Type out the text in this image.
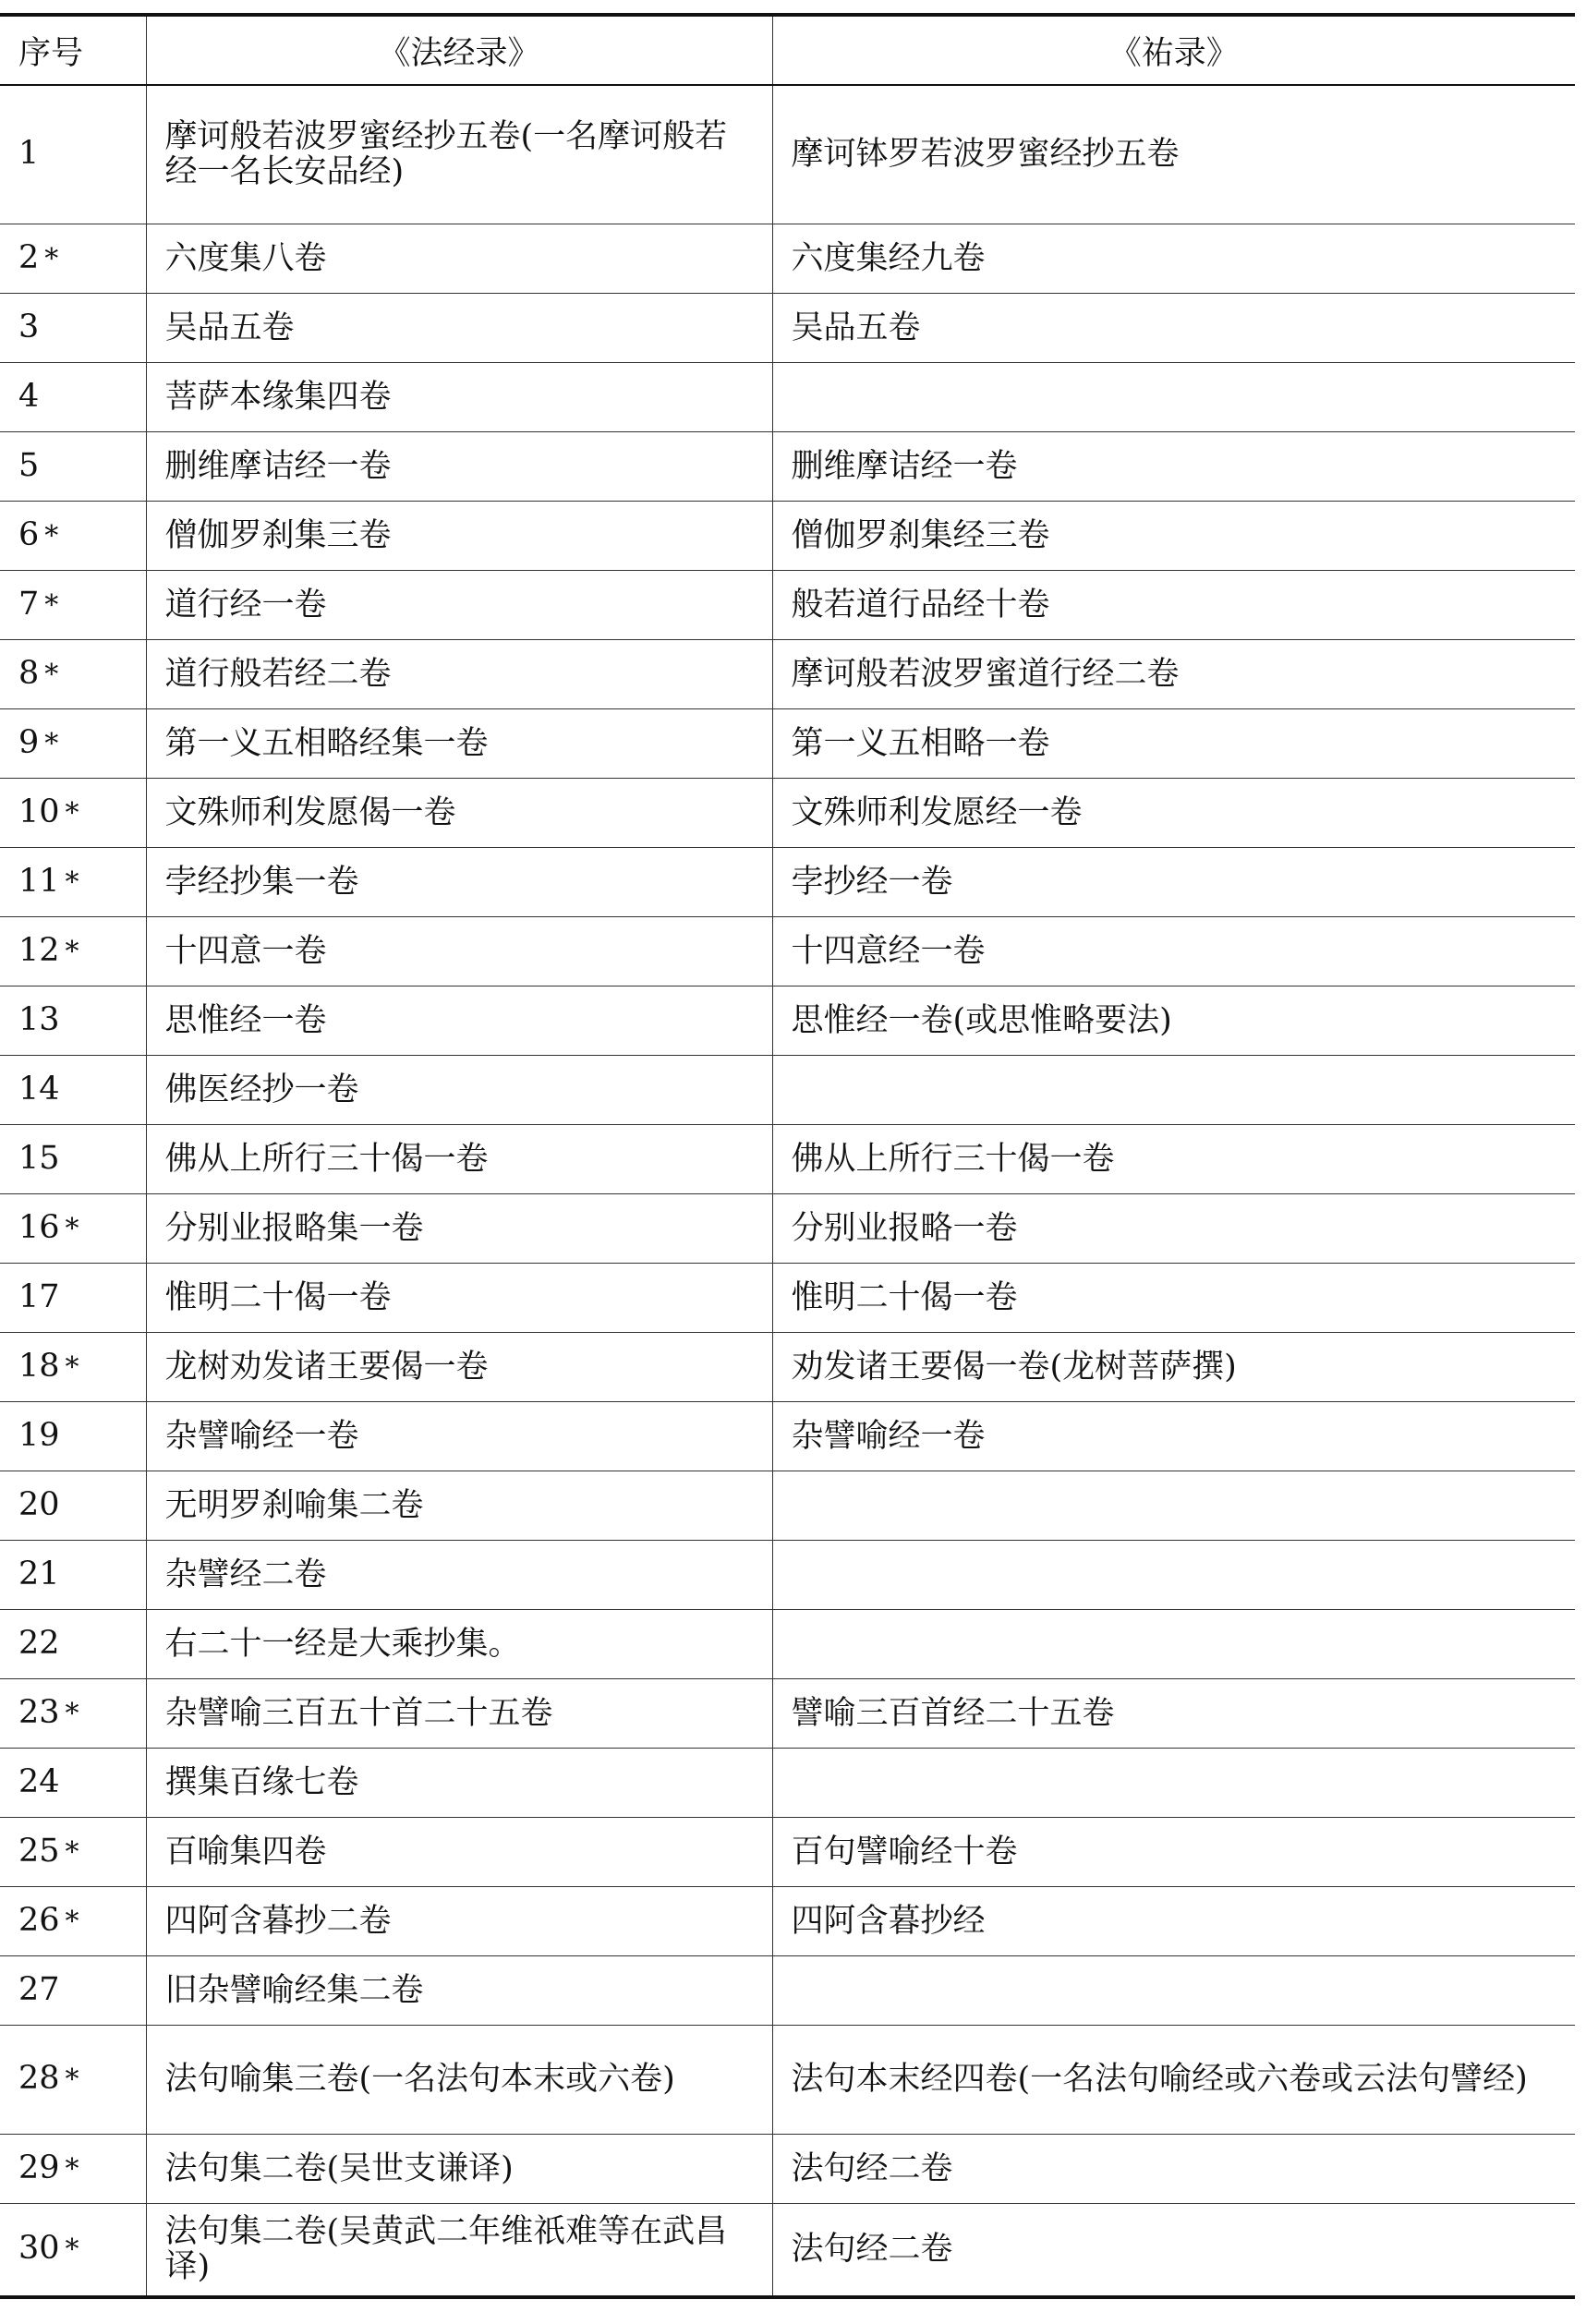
序号	《法经录》	《祐录》
1	摩诃般若波罗蜜经抄五卷(一名摩诃般若经一名长安品经)	摩诃钵罗若波罗蜜经抄五卷
2 *	六度集八卷	六度集经九卷
3	吴品五卷	吴品五卷
4	菩萨本缘集四卷	
5	删维摩诘经一卷	删维摩诘经一卷
6 *	僧伽罗刹集三卷	僧伽罗刹集经三卷
7 *	道行经一卷	般若道行品经十卷
8 *	道行般若经二卷	摩诃般若波罗蜜道行经二卷
9 *	第一义五相略经集一卷	第一义五相略一卷
10 *	文殊师利发愿偈一卷	文殊师利发愿经一卷
11 *	孛经抄集一卷	孛抄经一卷
12 *	十四意一卷	十四意经一卷
13	思惟经一卷	思惟经一卷(或思惟略要法)
14	佛医经抄一卷	
15	佛从上所行三十偈一卷	佛从上所行三十偈一卷
16 *	分别业报略集一卷	分别业报略一卷
17	惟明二十偈一卷	惟明二十偈一卷
18 *	龙树劝发诸王要偈一卷	劝发诸王要偈一卷(龙树菩萨撰)
19	杂譬喻经一卷	杂譬喻经一卷
20	无明罗刹喻集二卷	
21	杂譬经二卷	
22	右二十一经是大乘抄集。	
23 *	杂譬喻三百五十首二十五卷	譬喻三百首经二十五卷
24	撰集百缘七卷	
25 *	百喻集四卷	百句譬喻经十卷
26 *	四阿含暮抄二卷	四阿含暮抄经
27	旧杂譬喻经集二卷	
28 *	法句喻集三卷(一名法句本末或六卷)	法句本末经四卷(一名法句喻经或六卷或云法句譬经)
29 *	法句集二卷(吴世支谦译)	法句经二卷
30 *	法句集二卷(吴黄武二年维祇难等在武昌译)	法句经二卷
